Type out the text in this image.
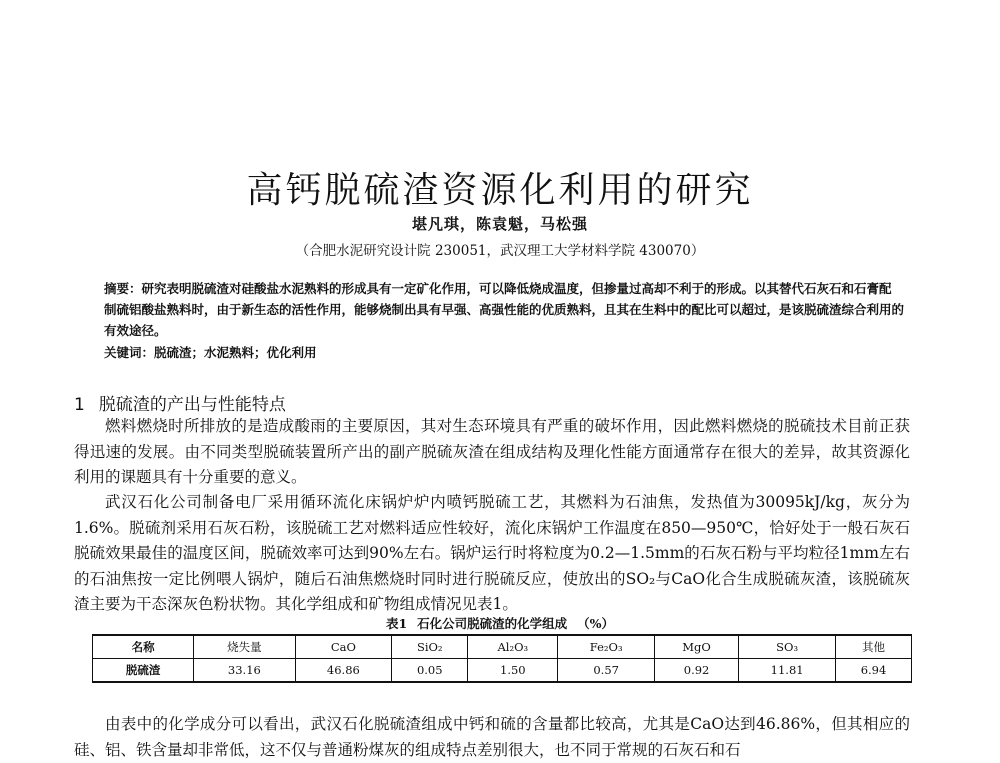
高钙脱硫渣资源化利用的研究
堪凡琪，陈袁魁，马松强
（合肥水泥研究设计院 230051，武汉理工大学材料学院 430070）
摘要：研究表明脱硫渣对硅酸盐水泥熟料的形成具有一定矿化作用，可以降低烧成温度，但掺量过高却不利于的形成。以其替代石灰石和石膏配制硫铝酸盐熟料时，由于新生态的活性作用，能够烧制出具有早强、高强性能的优质熟料，且其在生料中的配比可以超过，是该脱硫渣综合利用的有效途径。
关键词：脱硫渣；水泥熟料；优化利用
1 脱硫渣的产出与性能特点

燃料燃烧时所排放的是造成酸雨的主要原因，其对生态环境具有严重的破坏作用，因此燃料燃烧的脱硫技术目前正获得迅速的发展。由不同类型脱硫装置所产出的副产脱硫灰渣在组成结构及理化性能方面通常存在很大的差异，故其资源化利用的课题具有十分重要的意义。

武汉石化公司制备电厂采用循环流化床锅炉炉内喷钙脱硫工艺，其燃料为石油焦，发热值为30095kJ/kg，灰分为1.6%。脱硫剂采用石灰石粉，该脱硫工艺对燃料适应性较好，流化床锅炉工作温度在850—950℃，恰好处于一般石灰石脱硫效果最佳的温度区间，脱硫效率可达到90%左右。锅炉运行时将粒度为0.2—1.5mm的石灰石粉与平均粒径1mm左右的石油焦按一定比例喂人锅炉，随后石油焦燃烧时同时进行脱硫反应，使放出的SO₂与CaO化合生成脱硫灰渣，该脱硫灰渣主要为干态深灰色粉状物。其化学组成和矿物组成情况见表1。

表1 石化公司脱硫渣的化学组成 （%）
名称	烧失量	CaO	SiO₂	Al₂O₃	Fe₂O₃	MgO	SO₃	其他
脱硫渣	33.16	46.86	0.05	1.50	0.57	0.92	11.81	6.94

由表中的化学成分可以看出，武汉石化脱硫渣组成中钙和硫的含量都比较高，尤其是CaO达到46.86%，但其相应的硅、铝、铁含量却非常低，这不仅与普通粉煤灰的组成特点差别很大，也不同于常规的石灰石和石
